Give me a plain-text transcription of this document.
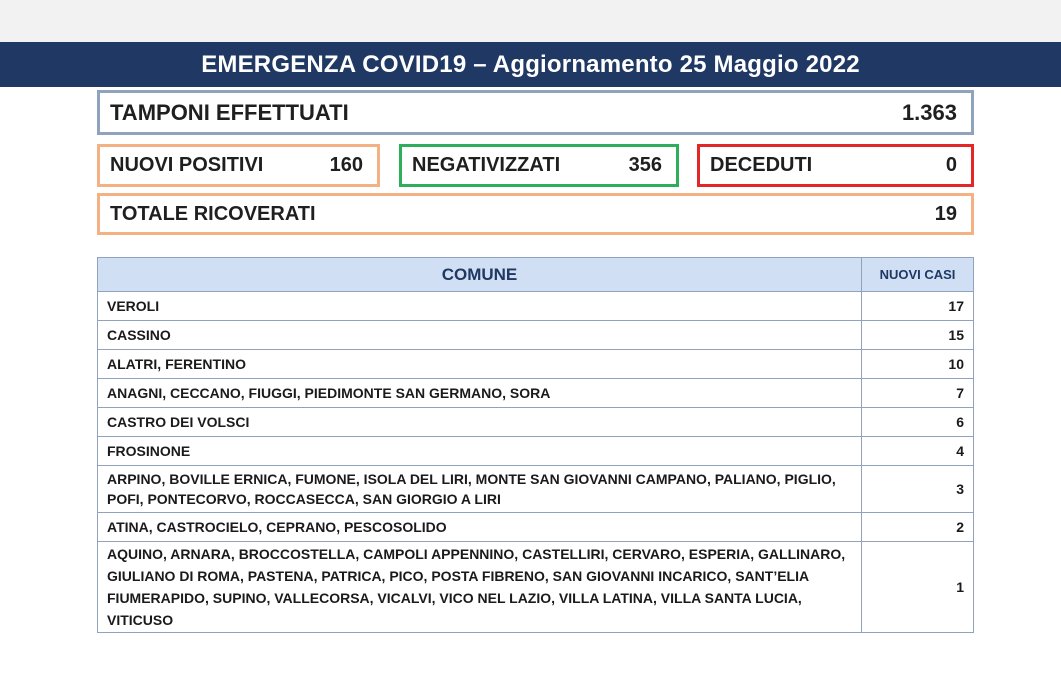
EMERGENZA COVID19 – Aggiornamento 25 Maggio 2022
TAMPONI EFFETTUATI	1.363
NUOVI POSITIVI	160 NEGATIVIZZATI	356 DECEDUTI	0
TOTALE RICOVERATI	19
COMUNE	NUOVI CASI
VEROLI	17
CASSINO	15
ALATRI, FERENTINO	10
ANAGNI, CECCANO, FIUGGI, PIEDIMONTE SAN GERMANO, SORA	7
CASTRO DEI VOLSCI	6
FROSINONE	4
ARPINO, BOVILLE ERNICA, FUMONE, ISOLA DEL LIRI, MONTE SAN GIOVANNI CAMPANO, PALIANO, PIGLIO, POFI, PONTECORVO, ROCCASECCA, SAN GIORGIO A LIRI	3
ATINA, CASTROCIELO, CEPRANO, PESCOSOLIDO	2
AQUINO, ARNARA, BROCCOSTELLA, CAMPOLI APPENNINO, CASTELLIRI, CERVARO, ESPERIA, GALLINARO, GIULIANO DI ROMA, PASTENA, PATRICA, PICO, POSTA FIBRENO, SAN GIOVANNI INCARICO, SANT’ELIA FIUMERAPIDO, SUPINO, VALLECORSA, VICALVI, VICO NEL LAZIO, VILLA LATINA, VILLA SANTA LUCIA, VITICUSO	1
